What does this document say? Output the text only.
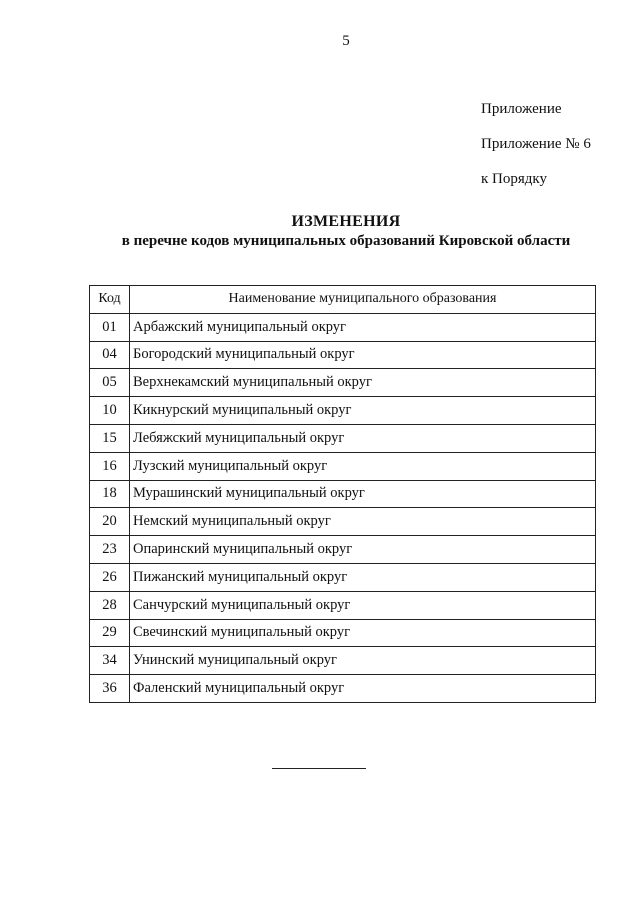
5
Приложение
Приложение № 6
к Порядку
ИЗМЕНЕНИЯ
в перечне кодов муниципальных образований Кировской области
Код	Наименование муниципального образования
01	Арбажский муниципальный округ
04	Богородский муниципальный округ
05	Верхнекамский муниципальный округ
10	Кикнурский муниципальный округ
15	Лебяжский муниципальный округ
16	Лузский муниципальный округ
18	Мурашинский муниципальный округ
20	Немский муниципальный округ
23	Опаринский муниципальный округ
26	Пижанский муниципальный округ
28	Санчурский муниципальный округ
29	Свечинский муниципальный округ
34	Унинский муниципальный округ
36	Фаленский муниципальный округ
